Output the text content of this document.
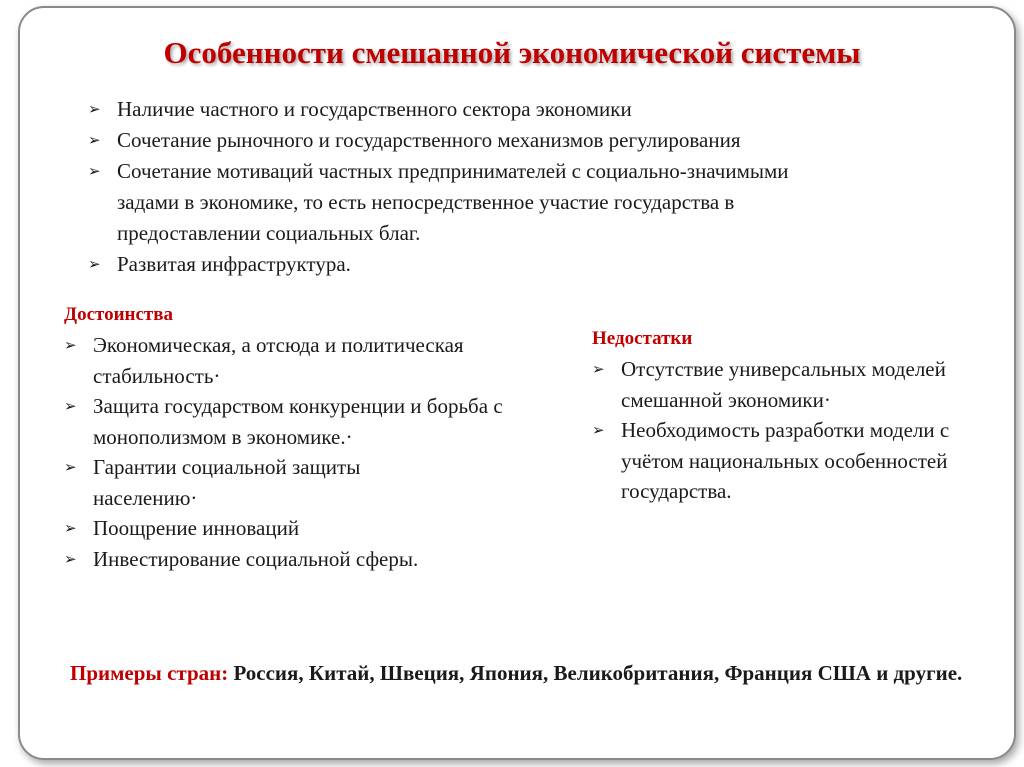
Особенности смешанной экономической системы
➢ Наличие частного и государственного сектора экономики
➢ Сочетание рыночного и государственного механизмов регулирования
➢ Сочетание мотиваций частных предпринимателей с социально-значимыми задами в экономике, то есть непосредственное участие государства в предоставлении социальных благ.
➢ Развитая инфраструктура.
Достоинства
➢ Экономическая, а отсюда и политическая стабильность·
➢ Защита государством конкуренции и борьба с монополизмом в экономике.·
➢ Гарантии социальной защиты населению·
➢ Поощрение инноваций
➢ Инвестирование социальной сферы.
Недостатки
➢ Отсутствие универсальных моделей смешанной экономики·
➢ Необходимость разработки модели с учётом национальных особенностей государства.
Примеры стран: Россия, Китай, Швеция, Япония, Великобритания, Франция США и другие.
